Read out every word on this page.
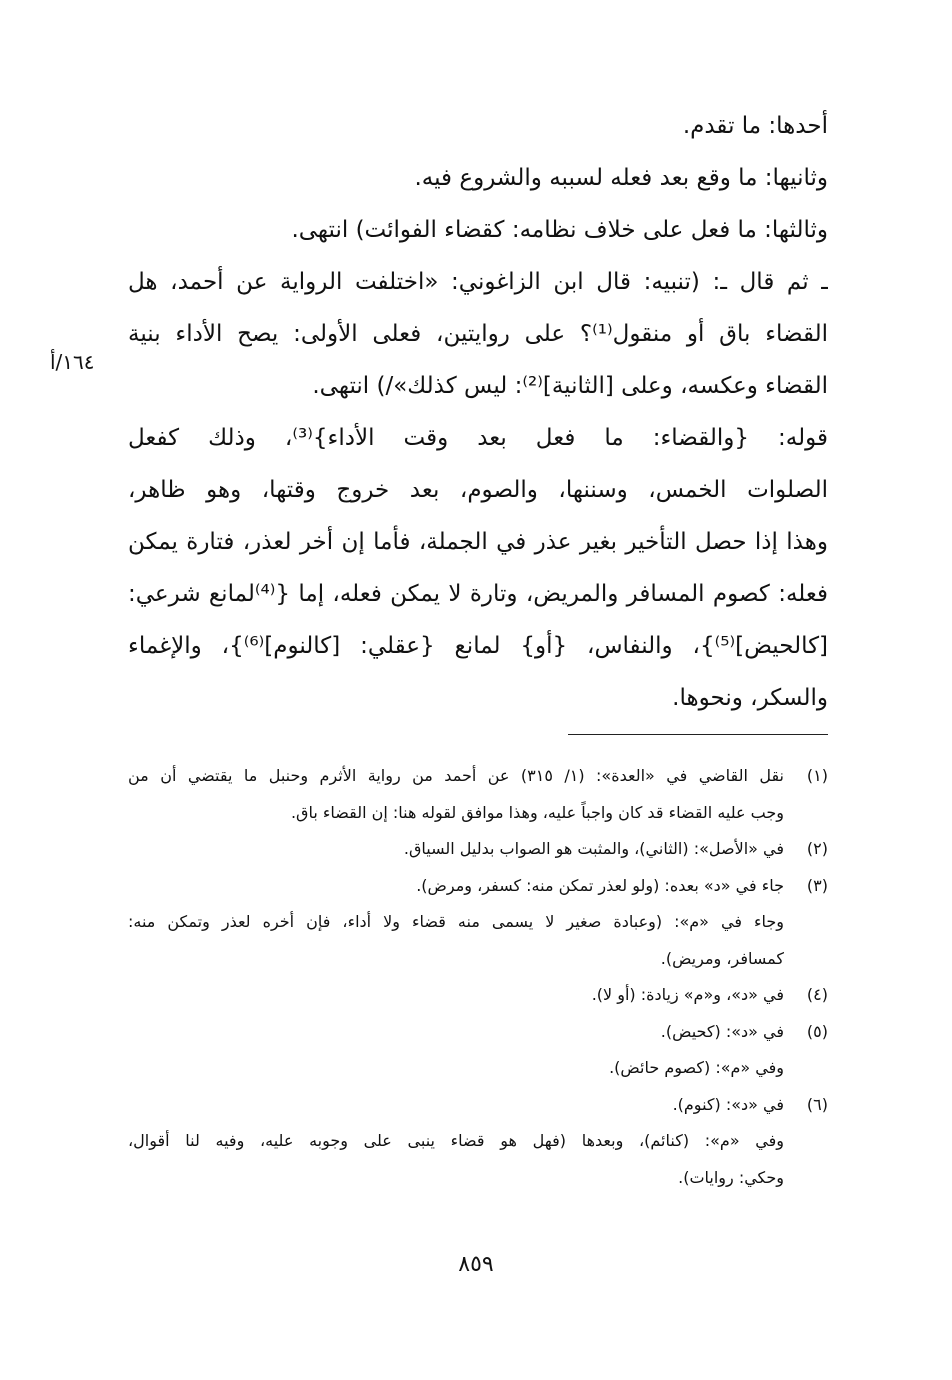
أحدها: ما تقدم.
وثانيها: ما وقع بعد فعله لسببه والشروع فيه.
وثالثها: ما فعل على خلاف نظامه: كقضاء الفوائت) انتهى.
ـ ثم قال ـ: (تنبيه: قال ابن الزاغوني: «اختلفت الرواية عن أحمد، هل
القضاء باق أو منقول⁽¹⁾؟ على روايتين، فعلى الأولى: يصح الأداء بنية
القضاء وعكسه، وعلى [الثانية]⁽²⁾: ليس كذلك»/) انتهى.
قوله: {والقضاء: ما فعل بعد وقت الأداء}⁽³⁾، وذلك كفعل
الصلوات الخمس، وسننها، والصوم، بعد خروج وقتها، وهو ظاهر،
وهذا إذا حصل التأخير بغير عذر في الجملة، فأما إن أخر لعذر، فتارة يمكن
فعله: كصوم المسافر والمريض، وتارة لا يمكن فعله، إما {⁽⁴⁾لمانع شرعي:
[كالحيض]⁽⁵⁾}، والنفاس، {أو} لمانع {عقلي: [كالنوم]⁽⁶⁾}، والإغماء
والسكر، ونحوها.
١٦٤/أ
(١)
نقل القاضي في «العدة»: (١/ ٣١٥) عن أحمد من رواية الأثرم وحنبل ما يقتضي أن من
وجب عليه القضاء قد كان واجباً عليه، وهذا موافق لقوله هنا: إن القضاء باق.
(٢)
في «الأصل»: (الثاني)، والمثبت هو الصواب بدليل السياق.
(٣)
جاء في «د» بعده: (ولو لعذر تمكن منه: كسفر، ومرض).
وجاء في «م»: (وعبادة صغير لا يسمى منه قضاء ولا أداء، فإن أخره لعذر وتمكن منه:
كمسافر، ومريض).
(٤)
في «د»، و«م» زيادة: (أو لا).
(٥)
في «د»: (كحيض).
وفي «م»: (كصوم حائض).
(٦)
في «د»: (كنوم).
وفي «م»: (كنائم)، وبعدها (فهل هو قضاء ينبى على وجوبه عليه، وفيه لنا أقوال،
وحكي: روايات).
٨٥٩
